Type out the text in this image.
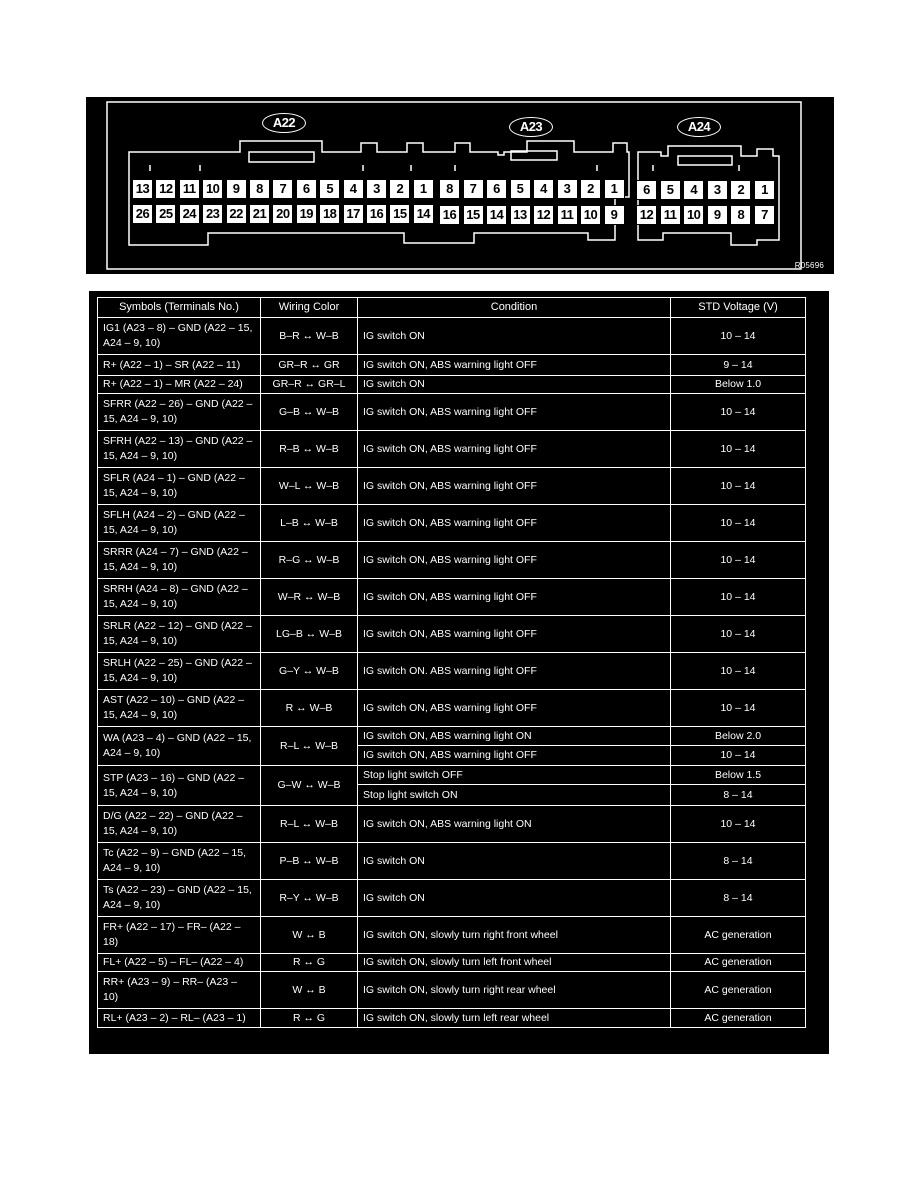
A22	A23	A24
13 12 11 10	9	8	7	6	5	4	3	2	1
26 25 24 23 22 21 20 19 18 17 16 15 14
8	7	6	5	4	3	2	1
16 15 14 13 12 11 10	9
6	5	4	3	2	1
12 11 10	9	8	7
R05696
Symbols (Terminals No.)	Wiring Color	Condition	STD Voltage (V)
IG1 (A23 – 8) – GND (A22 – 15, A24 – 9, 10)	B–R ↔ W–B	IG switch ON	10 – 14
R+ (A22 – 1) – SR (A22 – 11)	GR–R ↔ GR	IG switch ON, ABS warning light OFF	9 – 14
R+ (A22 – 1) – MR (A22 – 24)	GR–R ↔ GR–L	IG switch ON	Below 1.0
SFRR (A22 – 26) – GND (A22 – 15, A24 – 9, 10)	G–B ↔ W–B	IG switch ON, ABS warning light OFF	10 – 14
SFRH (A22 – 13) – GND (A22 – 15, A24 – 9, 10)	R–B ↔ W–B	IG switch ON, ABS warning light OFF	10 – 14
SFLR (A24 – 1) – GND (A22 – 15, A24 – 9, 10)	W–L ↔ W–B	IG switch ON, ABS warning light OFF	10 – 14
SFLH (A24 – 2) – GND (A22 – 15, A24 – 9, 10)	L–B ↔ W–B	IG switch ON, ABS warning light OFF	10 – 14
SRRR (A24 – 7) – GND (A22 – 15, A24 – 9, 10)	R–G ↔ W–B	IG switch ON, ABS warning light OFF	10 – 14
SRRH (A24 – 8) – GND (A22 – 15, A24 – 9, 10)	W–R ↔ W–B	IG switch ON, ABS warning light OFF	10 – 14
SRLR (A22 – 12) – GND (A22 – 15, A24 – 9, 10)	LG–B ↔ W–B	IG switch ON, ABS warning light OFF	10 – 14
SRLH (A22 – 25) – GND (A22 – 15, A24 – 9, 10)	G–Y ↔ W–B	IG switch ON. ABS warning light OFF	10 – 14
AST (A22 – 10) – GND (A22 – 15, A24 – 9, 10)	R ↔ W–B	IG switch ON, ABS warning light OFF	10 – 14
WA (A23 – 4) – GND (A22 – 15, A24 – 9, 10)	R–L ↔ W–B	IG switch ON, ABS warning light ON	Below 2.0
		IG switch ON, ABS warning light OFF	10 – 14
STP (A23 – 16) – GND (A22 – 15, A24 – 9, 10)	G–W ↔ W–B	Stop light switch OFF	Below 1.5
		Stop light switch ON	8 – 14
D/G (A22 – 22) – GND (A22 – 15, A24 – 9, 10)	R–L ↔ W–B	IG switch ON, ABS warning light ON	10 – 14
Tc (A22 – 9) – GND (A22 – 15, A24 – 9, 10)	P–B ↔ W–B	IG switch ON	8 – 14
Ts (A22 – 23) – GND (A22 – 15, A24 – 9, 10)	R–Y ↔ W–B	IG switch ON	8 – 14
FR+ (A22 – 17) – FR– (A22 – 18)	W ↔ B	IG switch ON, slowly turn right front wheel	AC generation
FL+ (A22 – 5) – FL– (A22 – 4)	R ↔ G	IG switch ON, slowly turn left front wheel	AC generation
RR+ (A23 – 9) – RR– (A23 – 10)	W ↔ B	IG switch ON, slowly turn right rear wheel	AC generation
RL+ (A23 – 2) – RL– (A23 – 1)	R ↔ G	IG switch ON, slowly turn left rear wheel	AC generation
